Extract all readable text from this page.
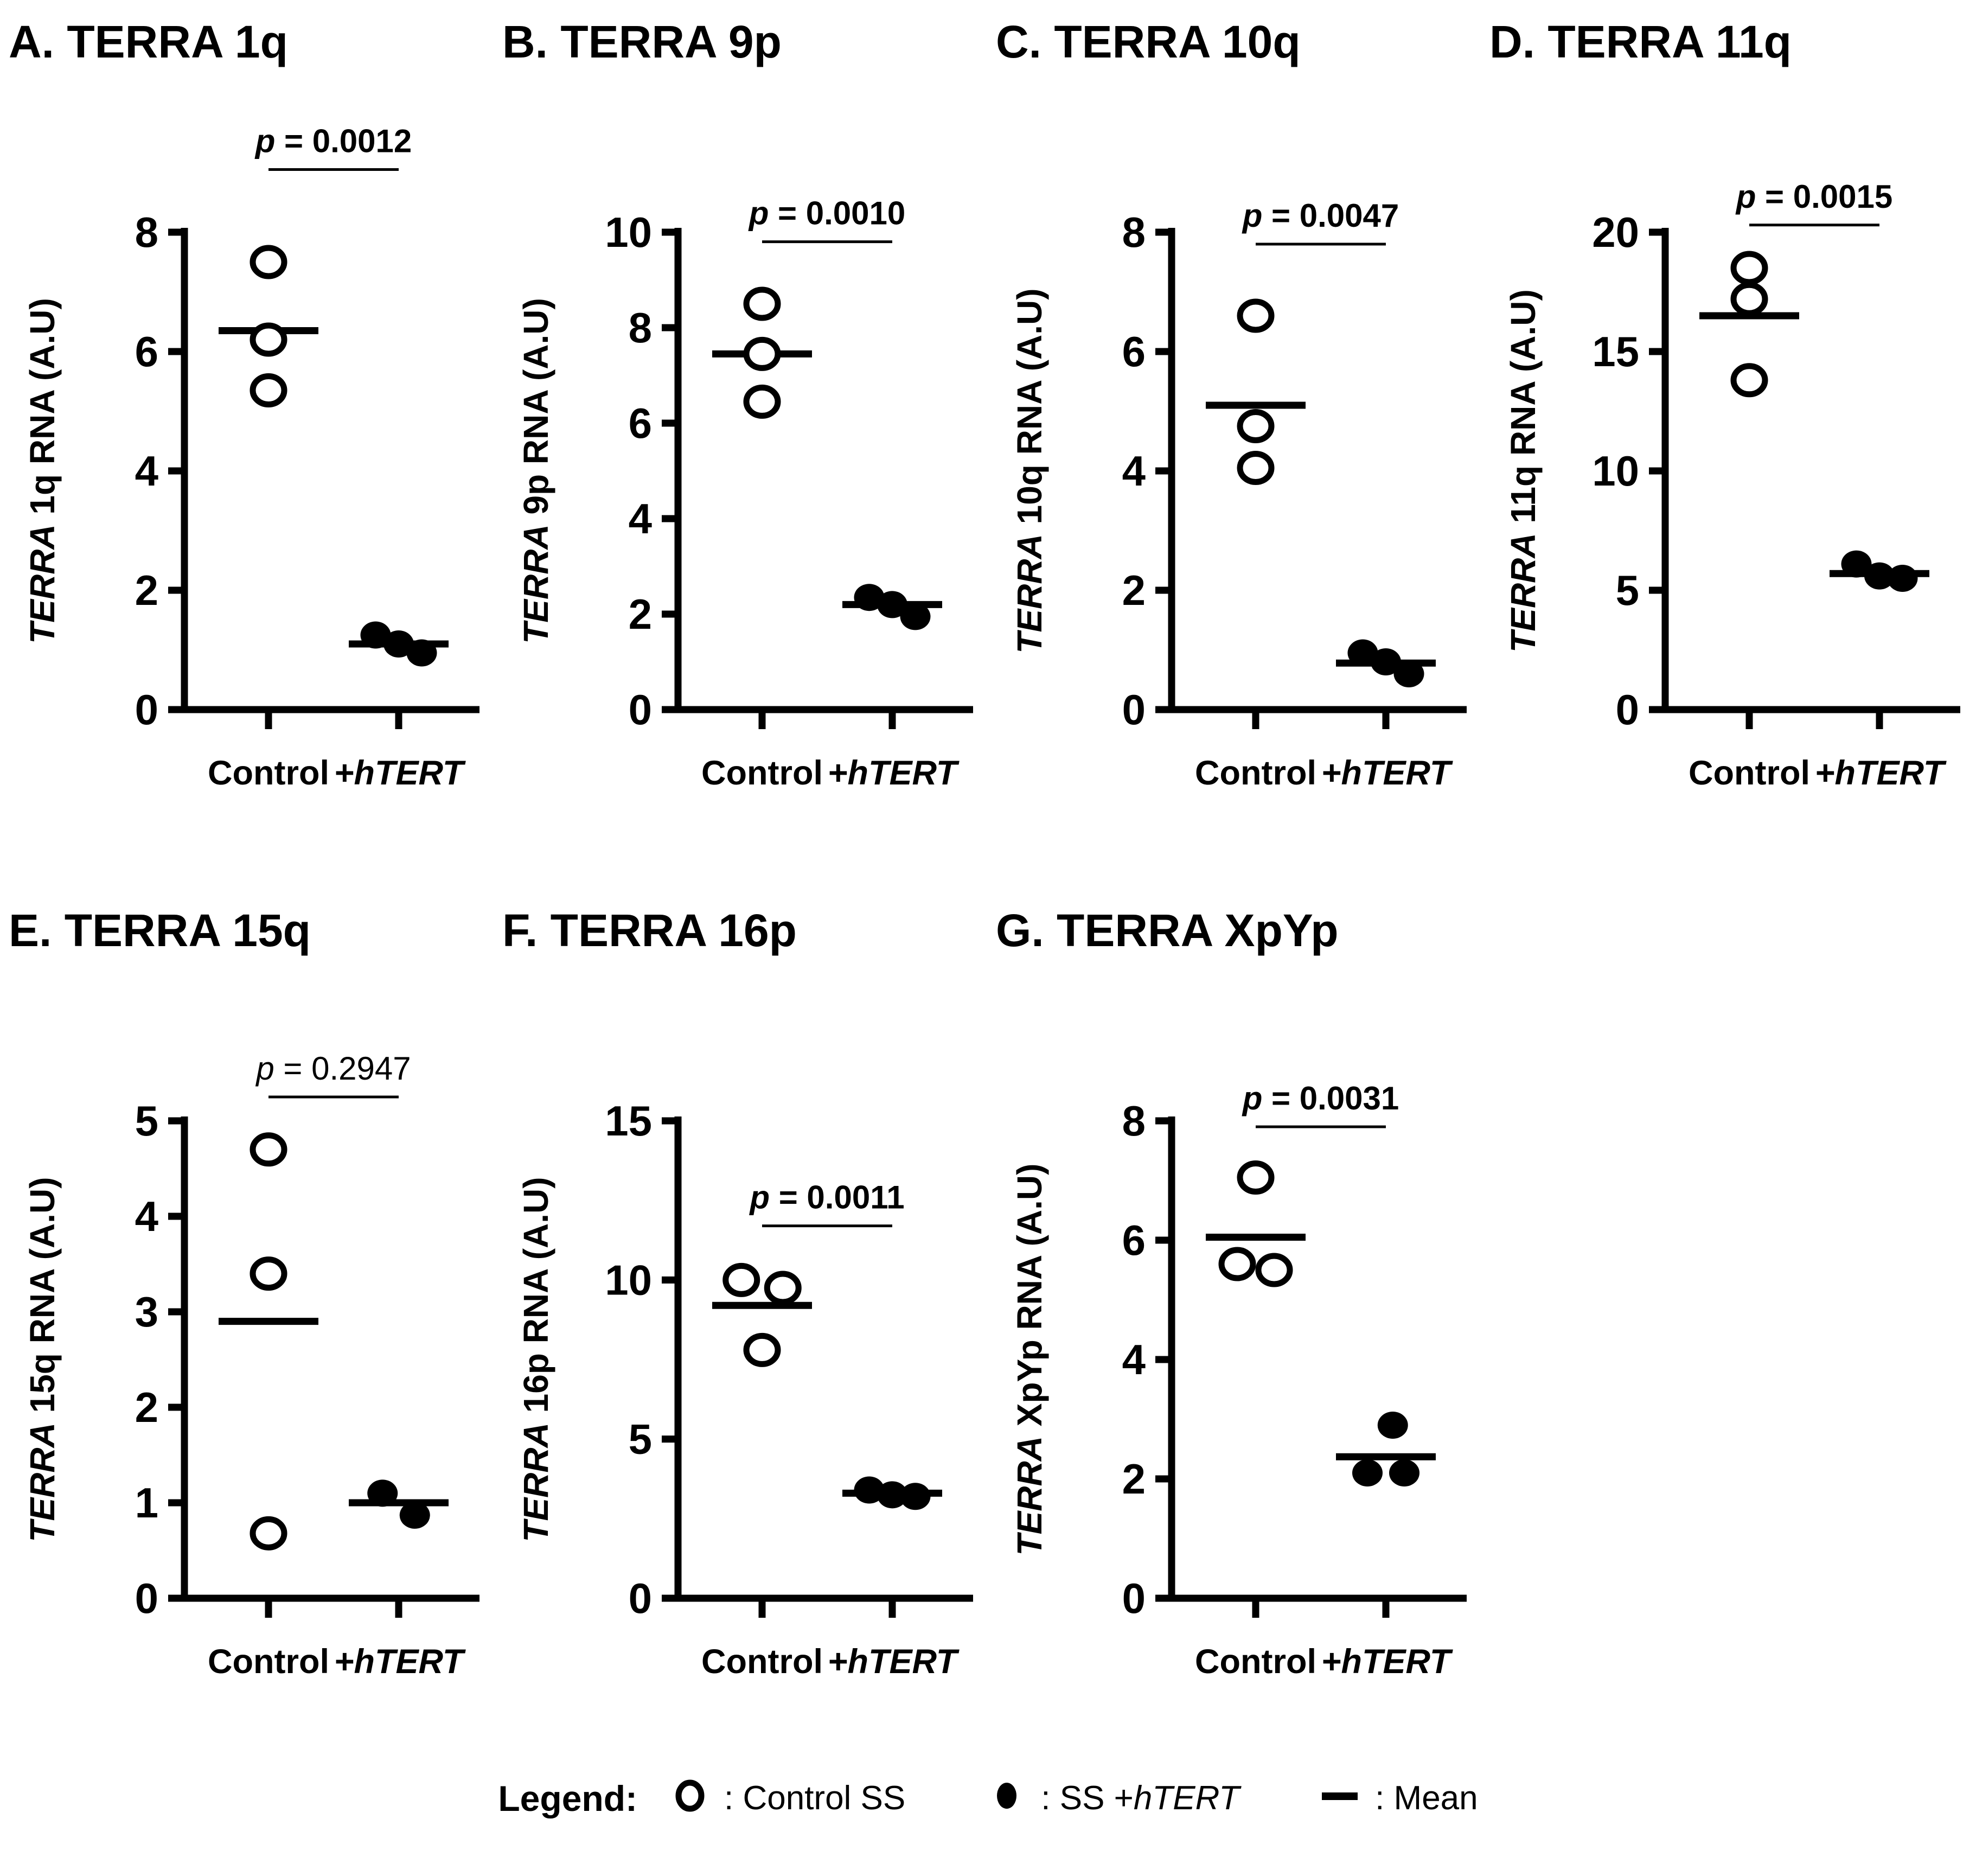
A. TERRA 1q
TERRA 1q RNA (A.U)
0
2
4
6
8
p = 0.0012
Control +hTERT
B. TERRA 9p
TERRA 9p RNA (A.U)
0
2
4
6
8
10	p = 0.0010
Control +hTERT
C. TERRA 10q
TERRA 10q RNA (A.U)
0
2
4
6
8	p = 0.0047
Control +hTERT
D. TERRA 11q
TERRA 11q RNA (A.U)
0
5
10
15
20
p = 0.0015
Control +hTERT
E. TERRA 15q
TERRA 15q RNA (A.U)
0
1
2
3
4
5
p = 0.2947
Control +hTERT
F. TERRA 16p
TERRA 16p RNA (A.U)
0
5
10
15
p = 0.0011
Control +hTERT
G. TERRA XpYp
TERRA XpYp RNA (A.U)
0
2
4
6
8	p = 0.0031
Control +hTERT
Legend:	: Control SS	: SS +hTERT	: Mean
